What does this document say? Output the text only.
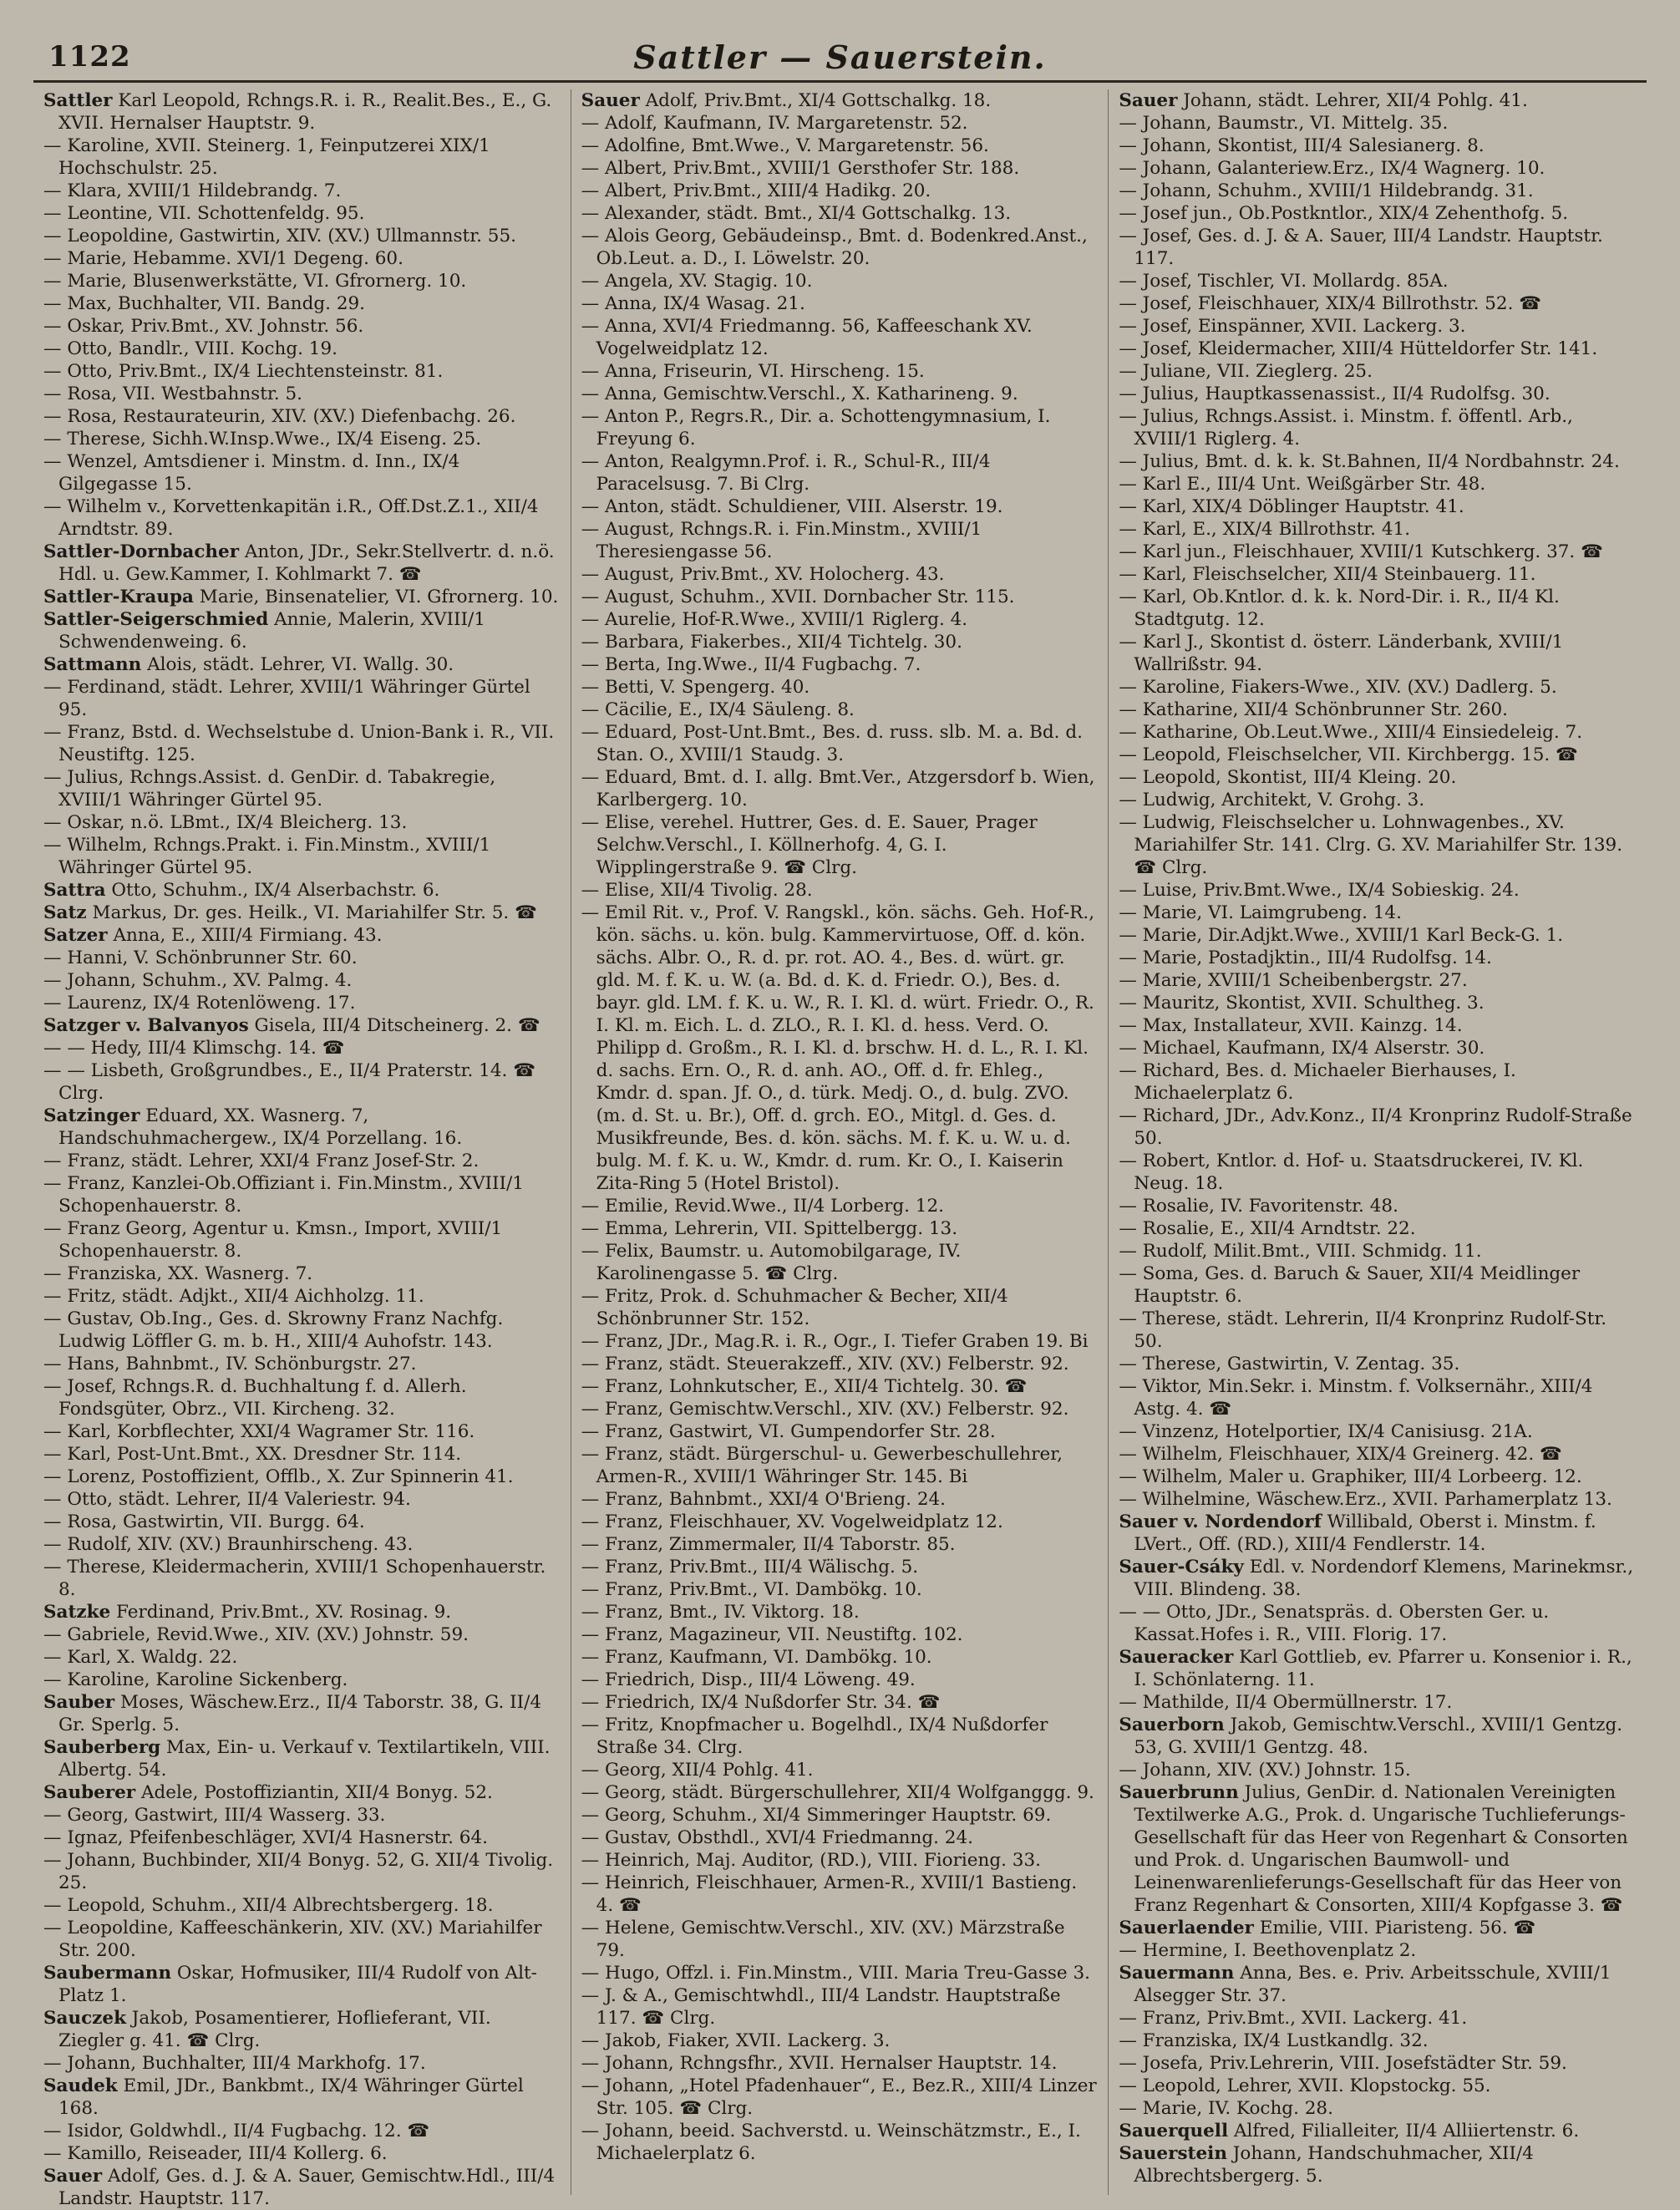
1122	Sattler — Sauerstein.

Sattler Karl Leopold, Rchngs.R. i. R., Realit.Bes., E., G. XVII. Hernalser Hauptstr. 9.

— Karoline, XVII. Steinerg. 1, Feinputzerei XIX/1 Hochschulstr. 25.

— Klara, XVIII/1 Hildebrandg. 7.

— Leontine, VII. Schottenfeldg. 95.

— Leopoldine, Gastwirtin, XIV. (XV.) Ullmannstr. 55.

— Marie, Hebamme. XVI/1 Degeng. 60.

— Marie, Blusenwerkstätte, VI. Gfrornerg. 10.

— Max, Buchhalter, VII. Bandg. 29.

— Oskar, Priv.Bmt., XV. Johnstr. 56.

— Otto, Bandlr., VIII. Kochg. 19.

— Otto, Priv.Bmt., IX/4 Liechtensteinstr. 81.

— Rosa, VII. Westbahnstr. 5.

— Rosa, Restaurateurin, XIV. (XV.) Diefenbachg. 26.

— Therese, Sichh.W.Insp.Wwe., IX/4 Eiseng. 25.

— Wenzel, Amtsdiener i. Minstm. d. Inn., IX/4 Gilgegasse 15.

— Wilhelm v., Korvettenkapitän i.R., Off.Dst.Z.1., XII/4 Arndtstr. 89.

Sattler-Dornbacher Anton, JDr., Sekr.Stellvertr. d. n.ö. Hdl. u. Gew.Kammer, I. Kohlmarkt 7. ☎

Sattler-Kraupa Marie, Binsenatelier, VI. Gfrornerg. 10.

Sattler-Seigerschmied Annie, Malerin, XVIII/1 Schwendenweing. 6.

Sattmann Alois, städt. Lehrer, VI. Wallg. 30.

— Ferdinand, städt. Lehrer, XVIII/1 Währinger Gürtel 95.

— Franz, Bstd. d. Wechselstube d. Union-Bank i. R., VII. Neustiftg. 125.

— Julius, Rchngs.Assist. d. GenDir. d. Tabakregie, XVIII/1 Währinger Gürtel 95.

— Oskar, n.ö. LBmt., IX/4 Bleicherg. 13.

— Wilhelm, Rchngs.Prakt. i. Fin.Minstm., XVIII/1 Währinger Gürtel 95.

Sattra Otto, Schuhm., IX/4 Alserbachstr. 6.

Satz Markus, Dr. ges. Heilk., VI. Mariahilfer Str. 5. ☎

Satzer Anna, E., XIII/4 Firmiang. 43.

— Hanni, V. Schönbrunner Str. 60.

— Johann, Schuhm., XV. Palmg. 4.

— Laurenz, IX/4 Rotenlöweng. 17.

Satzger v. Balvanyos Gisela, III/4 Ditscheinerg. 2. ☎

— — Hedy, III/4 Klimschg. 14. ☎

— — Lisbeth, Großgrundbes., E., II/4 Praterstr. 14. ☎ Clrg.

Satzinger Eduard, XX. Wasnerg. 7, Handschuhmachergew., IX/4 Porzellang. 16.

— Franz, städt. Lehrer, XXI/4 Franz Josef-Str. 2.

— Franz, Kanzlei-Ob.Offiziant i. Fin.Minstm., XVIII/1 Schopenhauerstr. 8.

— Franz Georg, Agentur u. Kmsn., Import, XVIII/1 Schopenhauerstr. 8.

— Franziska, XX. Wasnerg. 7.

— Fritz, städt. Adjkt., XII/4 Aichholzg. 11.

— Gustav, Ob.Ing., Ges. d. Skrowny Franz Nachfg. Ludwig Löffler G. m. b. H., XIII/4 Auhofstr. 143.

— Hans, Bahnbmt., IV. Schönburgstr. 27.

— Josef, Rchngs.R. d. Buchhaltung f. d. Allerh. Fondsgüter, Obrz., VII. Kircheng. 32.

— Karl, Korbflechter, XXI/4 Wagramer Str. 116.

— Karl, Post-Unt.Bmt., XX. Dresdner Str. 114.

— Lorenz, Postoffizient, Offlb., X. Zur Spinnerin 41.

— Otto, städt. Lehrer, II/4 Valeriestr. 94.

— Rosa, Gastwirtin, VII. Burgg. 64.

— Rudolf, XIV. (XV.) Braunhirscheng. 43.

— Therese, Kleidermacherin, XVIII/1 Schopenhauerstr. 8.

Satzke Ferdinand, Priv.Bmt., XV. Rosinag. 9.

— Gabriele, Revid.Wwe., XIV. (XV.) Johnstr. 59.

— Karl, X. Waldg. 22.

— Karoline, Karoline Sickenberg.

Sauber Moses, Wäschew.Erz., II/4 Taborstr. 38, G. II/4 Gr. Sperlg. 5.

Sauberberg Max, Ein- u. Verkauf v. Textilartikeln, VIII. Albertg. 54.

Sauberer Adele, Postoffiziantin, XII/4 Bonyg. 52.

— Georg, Gastwirt, III/4 Wasserg. 33.

— Ignaz, Pfeifenbeschläger, XVI/4 Hasnerstr. 64.

— Johann, Buchbinder, XII/4 Bonyg. 52, G. XII/4 Tivolig. 25.

— Leopold, Schuhm., XII/4 Albrechtsbergerg. 18.

— Leopoldine, Kaffeeschänkerin, XIV. (XV.) Mariahilfer Str. 200.

Saubermann Oskar, Hofmusiker, III/4 Rudolf von Alt-Platz 1.

Sauczek Jakob, Posamentierer, Hoflieferant, VII. Ziegler g. 41. ☎ Clrg.

— Johann, Buchhalter, III/4 Markhofg. 17.

Saudek Emil, JDr., Bankbmt., IX/4 Währinger Gürtel 168.

— Isidor, Goldwhdl., II/4 Fugbachg. 12. ☎

— Kamillo, Reiseader, III/4 Kollerg. 6.

Sauer Adolf, Ges. d. J. & A. Sauer, Gemischtw.Hdl., III/4 Landstr. Hauptstr. 117.

Sauer Adolf, Priv.Bmt., XI/4 Gottschalkg. 18.

— Adolf, Kaufmann, IV. Margaretenstr. 52.

— Adolfine, Bmt.Wwe., V. Margaretenstr. 56.

— Albert, Priv.Bmt., XVIII/1 Gersthofer Str. 188.

— Albert, Priv.Bmt., XIII/4 Hadikg. 20.

— Alexander, städt. Bmt., XI/4 Gottschalkg. 13.

— Alois Georg, Gebäudeinsp., Bmt. d. Bodenkred.Anst., Ob.Leut. a. D., I. Löwelstr. 20.

— Angela, XV. Stagig. 10.

— Anna, IX/4 Wasag. 21.

— Anna, XVI/4 Friedmanng. 56, Kaffeeschank XV. Vogelweidplatz 12.

— Anna, Friseurin, VI. Hirscheng. 15.

— Anna, Gemischtw.Verschl., X. Katharineng. 9.

— Anton P., Regrs.R., Dir. a. Schottengymnasium, I. Freyung 6.

— Anton, Realgymn.Prof. i. R., Schul-R., III/4 Paracelsusg. 7. Bi Clrg.

— Anton, städt. Schuldiener, VIII. Alserstr. 19.

— August, Rchngs.R. i. Fin.Minstm., XVIII/1 Theresiengasse 56.

— August, Priv.Bmt., XV. Holocherg. 43.

— August, Schuhm., XVII. Dornbacher Str. 115.

— Aurelie, Hof-R.Wwe., XVIII/1 Riglerg. 4.

— Barbara, Fiakerbes., XII/4 Tichtelg. 30.

— Berta, Ing.Wwe., II/4 Fugbachg. 7.

— Betti, V. Spengerg. 40.

— Cäcilie, E., IX/4 Säuleng. 8.

— Eduard, Post-Unt.Bmt., Bes. d. russ. slb. M. a. Bd. d. Stan. O., XVIII/1 Staudg. 3.

— Eduard, Bmt. d. I. allg. Bmt.Ver., Atzgersdorf b. Wien, Karlbergerg. 10.

— Elise, verehel. Huttrer, Ges. d. E. Sauer, Prager Selchw.Verschl., I. Köllnerhofg. 4, G. I. Wipplingerstraße 9. ☎ Clrg.

— Elise, XII/4 Tivolig. 28.

— Emil Rit. v., Prof. V. Rangskl., kön. sächs. Geh. Hof-R., kön. sächs. u. kön. bulg. Kammervirtuose, Off. d. kön. sächs. Albr. O., R. d. pr. rot. AO. 4., Bes. d. würt. gr. gld. M. f. K. u. W. (a. Bd. d. K. d. Friedr. O.), Bes. d. bayr. gld. LM. f. K. u. W., R. I. Kl. d. würt. Friedr. O., R. I. Kl. m. Eich. L. d. ZLO., R. I. Kl. d. hess. Verd. O. Philipp d. Großm., R. I. Kl. d. brschw. H. d. L., R. I. Kl. d. sachs. Ern. O., R. d. anh. AO., Off. d. fr. Ehleg., Kmdr. d. span. Jf. O., d. türk. Medj. O., d. bulg. ZVO. (m. d. St. u. Br.), Off. d. grch. EO., Mitgl. d. Ges. d. Musikfreunde, Bes. d. kön. sächs. M. f. K. u. W. u. d. bulg. M. f. K. u. W., Kmdr. d. rum. Kr. O., I. Kaiserin Zita-Ring 5 (Hotel Bristol).

— Emilie, Revid.Wwe., II/4 Lorberg. 12.

— Emma, Lehrerin, VII. Spittelbergg. 13.

— Felix, Baumstr. u. Automobilgarage, IV. Karolinengasse 5. ☎ Clrg.

— Fritz, Prok. d. Schuhmacher & Becher, XII/4 Schönbrunner Str. 152.

— Franz, JDr., Mag.R. i. R., Ogr., I. Tiefer Graben 19. Bi

— Franz, städt. Steuerakzeff., XIV. (XV.) Felberstr. 92.

— Franz, Lohnkutscher, E., XII/4 Tichtelg. 30. ☎

— Franz, Gemischtw.Verschl., XIV. (XV.) Felberstr. 92.

— Franz, Gastwirt, VI. Gumpendorfer Str. 28.

— Franz, städt. Bürgerschul- u. Gewerbeschullehrer, Armen-R., XVIII/1 Währinger Str. 145. Bi

— Franz, Bahnbmt., XXI/4 O'Brieng. 24.

— Franz, Fleischhauer, XV. Vogelweidplatz 12.

— Franz, Zimmermaler, II/4 Taborstr. 85.

— Franz, Priv.Bmt., III/4 Wälischg. 5.

— Franz, Priv.Bmt., VI. Dambökg. 10.

— Franz, Bmt., IV. Viktorg. 18.

— Franz, Magazineur, VII. Neustiftg. 102.

— Franz, Kaufmann, VI. Dambökg. 10.

— Friedrich, Disp., III/4 Löweng. 49.

— Friedrich, IX/4 Nußdorfer Str. 34. ☎

— Fritz, Knopfmacher u. Bogelhdl., IX/4 Nußdorfer Straße 34. Clrg.

— Georg, XII/4 Pohlg. 41.

— Georg, städt. Bürgerschullehrer, XII/4 Wolfganggg. 9.

— Georg, Schuhm., XI/4 Simmeringer Hauptstr. 69.

— Gustav, Obsthdl., XVI/4 Friedmanng. 24.

— Heinrich, Maj. Auditor, (RD.), VIII. Fiorieng. 33.

— Heinrich, Fleischhauer, Armen-R., XVIII/1 Bastieng. 4. ☎

— Helene, Gemischtw.Verschl., XIV. (XV.) Märzstraße 79.

— Hugo, Offzl. i. Fin.Minstm., VIII. Maria Treu-Gasse 3.

— J. & A., Gemischtwhdl., III/4 Landstr. Hauptstraße 117. ☎ Clrg.

— Jakob, Fiaker, XVII. Lackerg. 3.

— Johann, Rchngsfhr., XVII. Hernalser Hauptstr. 14.

— Johann, „Hotel Pfadenhauer“, E., Bez.R., XIII/4 Linzer Str. 105. ☎ Clrg.

— Johann, beeid. Sachverstd. u. Weinschätzmstr., E., I. Michaelerplatz 6.

Sauer Johann, städt. Lehrer, XII/4 Pohlg. 41.

— Johann, Baumstr., VI. Mittelg. 35.

— Johann, Skontist, III/4 Salesianerg. 8.

— Johann, Galanteriew.Erz., IX/4 Wagnerg. 10.

— Johann, Schuhm., XVIII/1 Hildebrandg. 31.

— Josef jun., Ob.Postkntlor., XIX/4 Zehenthofg. 5.

— Josef, Ges. d. J. & A. Sauer, III/4 Landstr. Hauptstr. 117.

— Josef, Tischler, VI. Mollardg. 85A.

— Josef, Fleischhauer, XIX/4 Billrothstr. 52. ☎

— Josef, Einspänner, XVII. Lackerg. 3.

— Josef, Kleidermacher, XIII/4 Hütteldorfer Str. 141.

— Juliane, VII. Zieglerg. 25.

— Julius, Hauptkassenassist., II/4 Rudolfsg. 30.

— Julius, Rchngs.Assist. i. Minstm. f. öffentl. Arb., XVIII/1 Riglerg. 4.

— Julius, Bmt. d. k. k. St.Bahnen, II/4 Nordbahnstr. 24.

— Karl E., III/4 Unt. Weißgärber Str. 48.

— Karl, XIX/4 Döblinger Hauptstr. 41.

— Karl, E., XIX/4 Billrothstr. 41.

— Karl jun., Fleischhauer, XVIII/1 Kutschkerg. 37. ☎

— Karl, Fleischselcher, XII/4 Steinbauerg. 11.

— Karl, Ob.Kntlor. d. k. k. Nord-Dir. i. R., II/4 Kl. Stadtgutg. 12.

— Karl J., Skontist d. österr. Länderbank, XVIII/1 Wallrißstr. 94.

— Karoline, Fiakers-Wwe., XIV. (XV.) Dadlerg. 5.

— Katharine, XII/4 Schönbrunner Str. 260.

— Katharine, Ob.Leut.Wwe., XIII/4 Einsiedeleig. 7.

— Leopold, Fleischselcher, VII. Kirchbergg. 15. ☎

— Leopold, Skontist, III/4 Kleing. 20.

— Ludwig, Architekt, V. Grohg. 3.

— Ludwig, Fleischselcher u. Lohnwagenbes., XV. Mariahilfer Str. 141. Clrg. G. XV. Mariahilfer Str. 139. ☎ Clrg.

— Luise, Priv.Bmt.Wwe., IX/4 Sobieskig. 24.

— Marie, VI. Laimgrubeng. 14.

— Marie, Dir.Adjkt.Wwe., XVIII/1 Karl Beck-G. 1.

— Marie, Postadjktin., III/4 Rudolfsg. 14.

— Marie, XVIII/1 Scheibenbergstr. 27.

— Mauritz, Skontist, XVII. Schultheg. 3.

— Max, Installateur, XVII. Kainzg. 14.

— Michael, Kaufmann, IX/4 Alserstr. 30.

— Richard, Bes. d. Michaeler Bierhauses, I. Michaelerplatz 6.

— Richard, JDr., Adv.Konz., II/4 Kronprinz Rudolf-Straße 50.

— Robert, Kntlor. d. Hof- u. Staatsdruckerei, IV. Kl. Neug. 18.

— Rosalie, IV. Favoritenstr. 48.

— Rosalie, E., XII/4 Arndtstr. 22.

— Rudolf, Milit.Bmt., VIII. Schmidg. 11.

— Soma, Ges. d. Baruch & Sauer, XII/4 Meidlinger Hauptstr. 6.

— Therese, städt. Lehrerin, II/4 Kronprinz Rudolf-Str. 50.

— Therese, Gastwirtin, V. Zentag. 35.

— Viktor, Min.Sekr. i. Minstm. f. Volksernähr., XIII/4 Astg. 4. ☎

— Vinzenz, Hotelportier, IX/4 Canisiusg. 21A.

— Wilhelm, Fleischhauer, XIX/4 Greinerg. 42. ☎

— Wilhelm, Maler u. Graphiker, III/4 Lorbeerg. 12.

— Wilhelmine, Wäschew.Erz., XVII. Parhamerplatz 13.

Sauer v. Nordendorf Willibald, Oberst i. Minstm. f. LVert., Off. (RD.), XIII/4 Fendlerstr. 14.

Sauer-Csáky Edl. v. Nordendorf Klemens, Marinekmsr., VIII. Blindeng. 38.

— — Otto, JDr., Senatspräs. d. Obersten Ger. u. Kassat.Hofes i. R., VIII. Florig. 17.

Saueracker Karl Gottlieb, ev. Pfarrer u. Konsenior i. R., I. Schönlaterng. 11.

— Mathilde, II/4 Obermüllnerstr. 17.

Sauerborn Jakob, Gemischtw.Verschl., XVIII/1 Gentzg. 53, G. XVIII/1 Gentzg. 48.

— Johann, XIV. (XV.) Johnstr. 15.

Sauerbrunn Julius, GenDir. d. Nationalen Vereinigten Textilwerke A.G., Prok. d. Ungarische Tuchlieferungs-Gesellschaft für das Heer von Regenhart & Consorten und Prok. d. Ungarischen Baumwoll- und Leinenwarenlieferungs-Gesellschaft für das Heer von Franz Regenhart & Consorten, XIII/4 Kopfgasse 3. ☎

Sauerlaender Emilie, VIII. Piaristeng. 56. ☎

— Hermine, I. Beethovenplatz 2.

Sauermann Anna, Bes. e. Priv. Arbeitsschule, XVIII/1 Alsegger Str. 37.

— Franz, Priv.Bmt., XVII. Lackerg. 41.

— Franziska, IX/4 Lustkandlg. 32.

— Josefa, Priv.Lehrerin, VIII. Josefstädter Str. 59.

— Leopold, Lehrer, XVII. Klopstockg. 55.

— Marie, IV. Kochg. 28.

Sauerquell Alfred, Filialleiter, II/4 Alliiertenstr. 6.

Sauerstein Johann, Handschuhmacher, XII/4 Albrechtsbergerg. 5.
